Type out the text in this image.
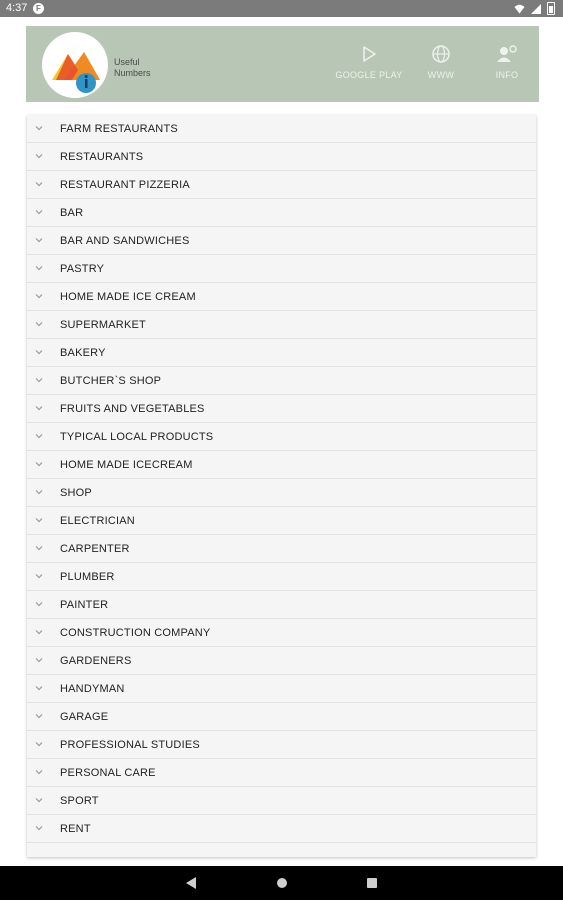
4:37	F
Useful
Numbers	GOOGLE PLAY	WWW	INFO
FARM RESTAURANTS
RESTAURANTS
RESTAURANT PIZZERIA
BAR
BAR AND SANDWICHES
PASTRY
HOME MADE ICE CREAM
SUPERMARKET
BAKERY
BUTCHER`S SHOP
FRUITS AND VEGETABLES
TYPICAL LOCAL PRODUCTS
HOME MADE ICECREAM
SHOP
ELECTRICIAN
CARPENTER
PLUMBER
PAINTER
CONSTRUCTION COMPANY
GARDENERS
HANDYMAN
GARAGE
PROFESSIONAL STUDIES
PERSONAL CARE
SPORT
RENT
